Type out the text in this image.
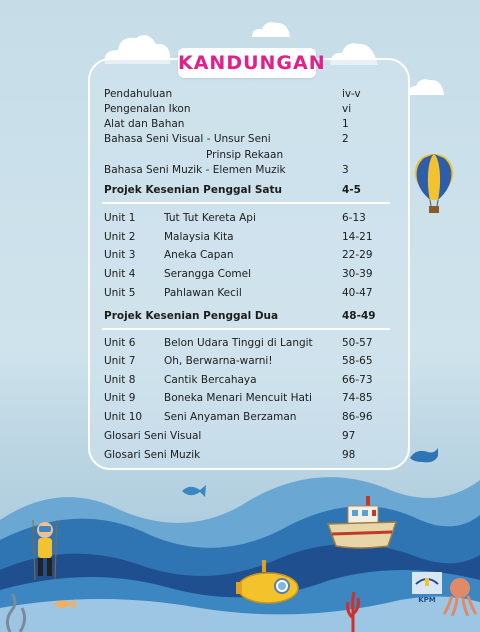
KANDUNGAN
Pendahuluan	iv-v
Pengenalan Ikon	vi
Alat dan Bahan	1
Bahasa Seni Visual - Unsur Seni	2
Prinsip Rekaan
Bahasa Seni Muzik - Elemen Muzik	3
Projek Kesenian Penggal Satu	4-5
Unit 1	Tut Tut Kereta Api	6-13
Unit 2	Malaysia Kita	14-21
Unit 3	Aneka Capan	22-29
Unit 4	Serangga Comel	30-39
Unit 5	Pahlawan Kecil	40-47
Projek Kesenian Penggal Dua	48-49
Unit 6	Belon Udara Tinggi di Langit	50-57
Unit 7	Oh, Berwarna-warni!	58-65
Unit 8	Cantik Bercahaya	66-73
Unit 9	Boneka Menari Mencuit Hati	74-85
Unit 10 Seni Anyaman Berzaman	86-96
Glosari Seni Visual	97
Glosari Seni Muzik	98
KPM
